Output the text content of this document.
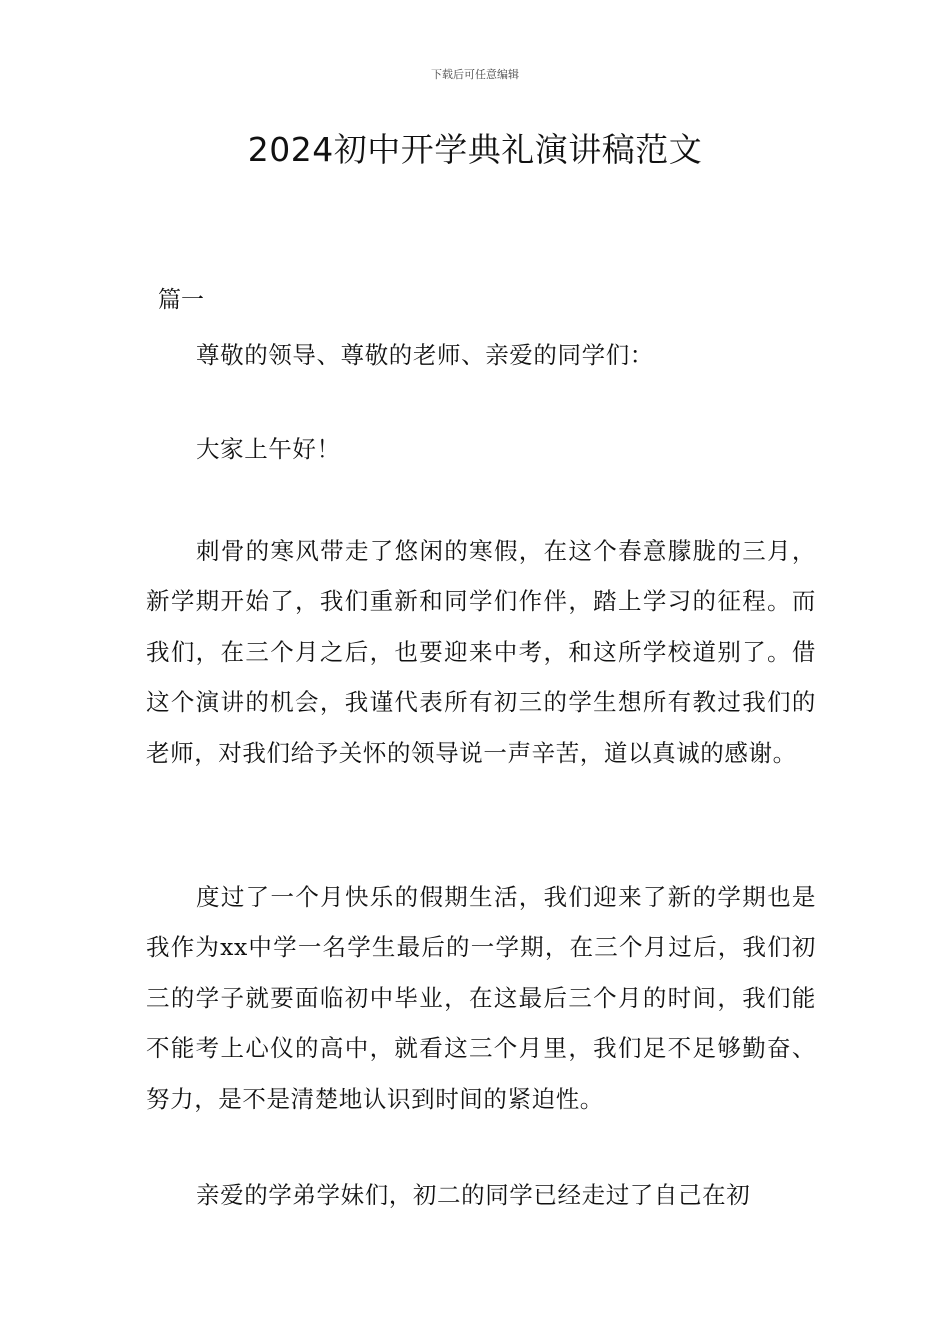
下载后可任意编辑
2024初中开学典礼演讲稿范文
篇一

尊敬的领导、尊敬的老师、亲爱的同学们：

大家上午好！

刺骨的寒风带走了悠闲的寒假，在这个春意朦胧的三月，新学期开始了，我们重新和同学们作伴，踏上学习的征程。而我们，在三个月之后，也要迎来中考，和这所学校道别了。借这个演讲的机会，我谨代表所有初三的学生想所有教过我们的老师，对我们给予关怀的领导说一声辛苦，道以真诚的感谢。

度过了一个月快乐的假期生活，我们迎来了新的学期也是我作为xx中学一名学生最后的一学期，在三个月过后，我们初三的学子就要面临初中毕业，在这最后三个月的时间，我们能不能考上心仪的高中，就看这三个月里，我们足不足够勤奋、努力，是不是清楚地认识到时间的紧迫性。

亲爱的学弟学妹们，初二的同学已经走过了自己在初
